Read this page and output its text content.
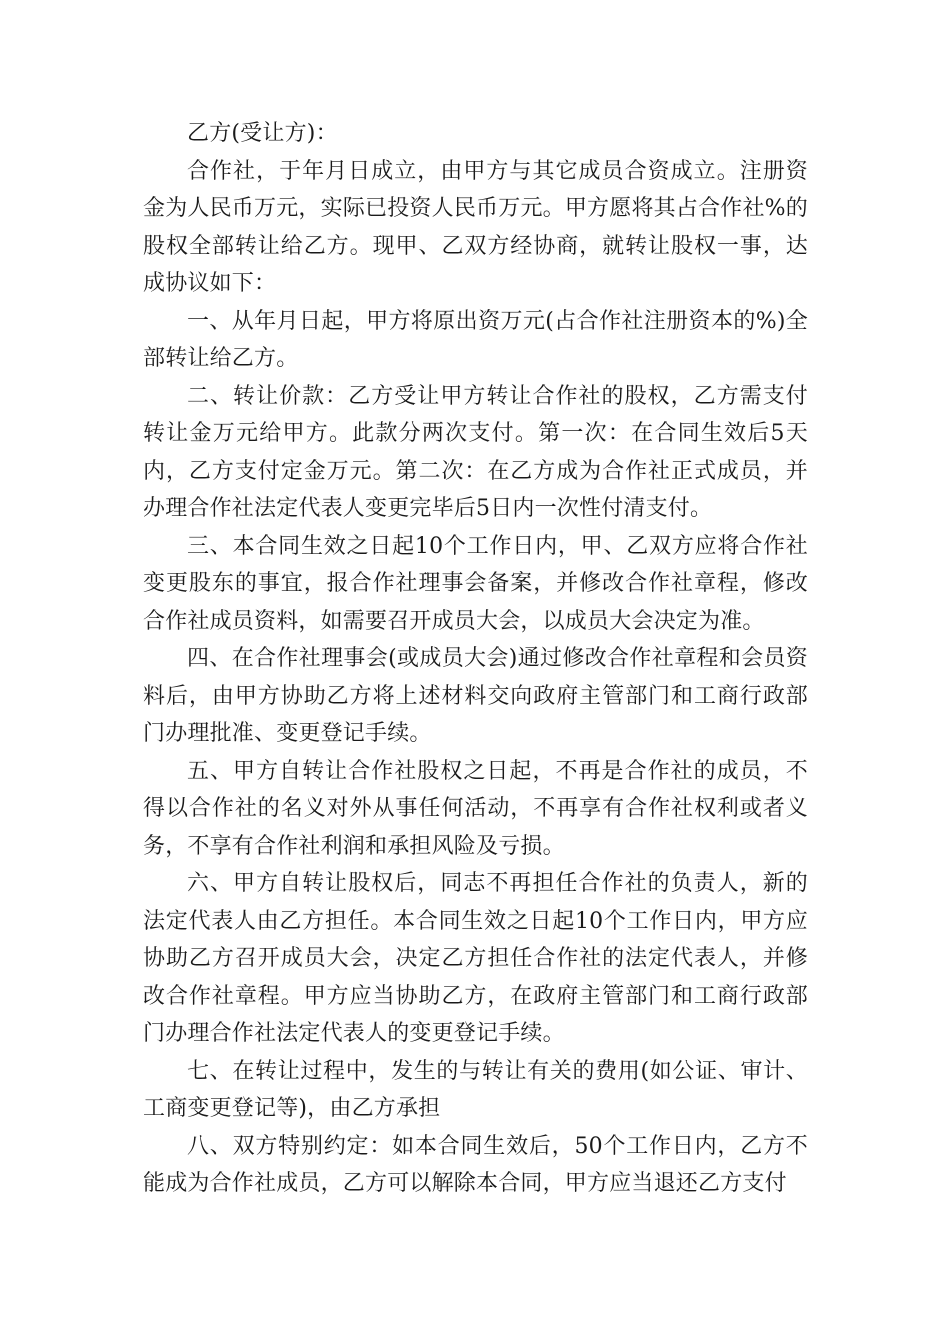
乙方(受让方)：

合作社，于年月日成立，由甲方与其它成员合资成立。注册资金为人民币万元，实际已投资人民币万元。甲方愿将其占合作社%的股权全部转让给乙方。现甲、乙双方经协商，就转让股权一事，达成协议如下：

一、从年月日起，甲方将原出资万元(占合作社注册资本的%)全部转让给乙方。

二、转让价款：乙方受让甲方转让合作社的股权，乙方需支付转让金万元给甲方。此款分两次支付。第一次：在合同生效后5天内，乙方支付定金万元。第二次：在乙方成为合作社正式成员，并办理合作社法定代表人变更完毕后5日内一次性付清支付。

三、本合同生效之日起10个工作日内，甲、乙双方应将合作社变更股东的事宜，报合作社理事会备案，并修改合作社章程，修改合作社成员资料，如需要召开成员大会，以成员大会决定为准。

四、在合作社理事会(或成员大会)通过修改合作社章程和会员资料后，由甲方协助乙方将上述材料交向政府主管部门和工商行政部门办理批准、变更登记手续。

五、甲方自转让合作社股权之日起，不再是合作社的成员，不得以合作社的名义对外从事任何活动，不再享有合作社权利或者义务，不享有合作社利润和承担风险及亏损。

六、甲方自转让股权后，同志不再担任合作社的负责人，新的法定代表人由乙方担任。本合同生效之日起10个工作日内，甲方应协助乙方召开成员大会，决定乙方担任合作社的法定代表人，并修改合作社章程。甲方应当协助乙方，在政府主管部门和工商行政部门办理合作社法定代表人的变更登记手续。

七、在转让过程中，发生的与转让有关的费用(如公证、审计、工商变更登记等)，由乙方承担

八、双方特别约定：如本合同生效后，50个工作日内，乙方不能成为合作社成员，乙方可以解除本合同，甲方应当退还乙方支付
